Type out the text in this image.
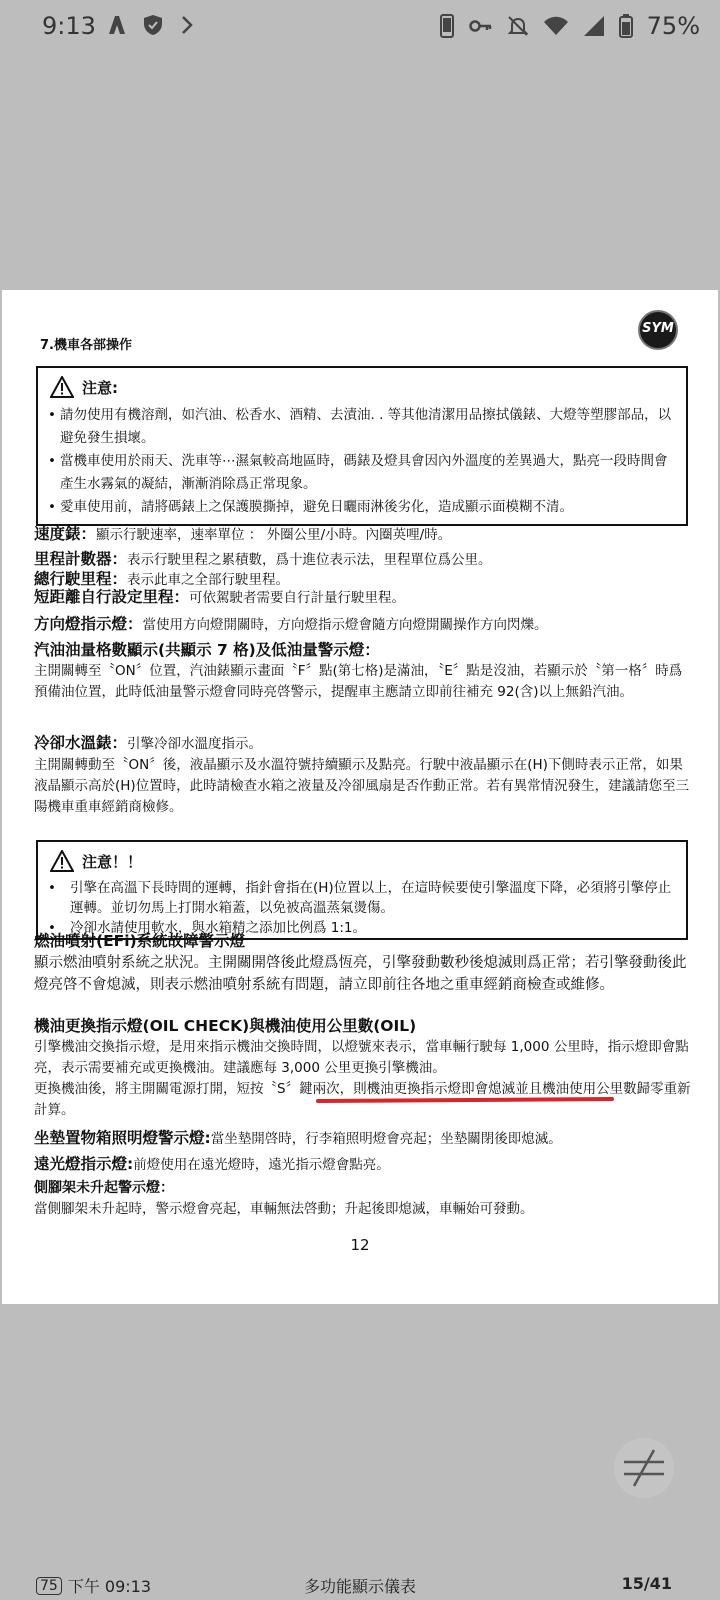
9:13	75%
7.機車各部操作
SYM
注意:

• 請勿使用有機溶劑，如汽油、松香水、酒精、去漬油. . 等其他清潔用品擦拭儀錶、大燈等塑膠部品，以避免發生損壞。

• 當機車使用於雨天、洗車等⋯濕氣較高地區時，碼錶及燈具會因內外溫度的差異過大，點亮一段時間會產生水霧氣的凝結，漸漸消除爲正常現象。

• 愛車使用前，請將碼錶上之保護膜撕掉，避免日曬雨淋後劣化，造成顯示面模糊不清。

速度錶：顯示行駛速率，速率單位 ： 外圈公里/小時。內圈英哩/時。
里程計數器：表示行駛里程之累積數，爲十進位表示法，里程單位爲公里。
總行駛里程：表示此車之全部行駛里程。
短距離自行設定里程：可依駕駛者需要自行計量行駛里程。
方向燈指示燈：當使用方向燈開關時，方向燈指示燈會隨方向燈開關操作方向閃爍。
汽油油量格數顯示(共顯示 7 格)及低油量警示燈：
主開關轉至〝ON〞位置，汽油錶顯示畫面〝F〞點(第七格)是滿油，〝E〞點是沒油，若顯示於〝第一格〞時爲預備油位置，此時低油量警示燈會同時亮啓警示，提醒車主應請立即前往補充 92(含)以上無鉛汽油。
冷卻水溫錶：引擎冷卻水溫度指示。
主開關轉動至〝ON〞後，液晶顯示及水溫符號持續顯示及點亮。行駛中液晶顯示在(H)下側時表示正常，如果液晶顯示高於(H)位置時，此時請檢查水箱之液量及冷卻風扇是否作動正常。若有異常情況發生，建議請您至三陽機車重車經銷商檢修。
注意！！

• 引擎在高溫下長時間的運轉，指針會指在(H)位置以上，在這時候要使引擎溫度下降，必須將引擎停止運轉。並切勿馬上打開水箱蓋，以免被高溫蒸氣燙傷。

• 冷卻水請使用軟水，與水箱精之添加比例爲 1:1。

燃油噴射(EFi)系統故障警示燈
顯示燃油噴射系統之狀況。主開關開啓後此燈爲恆亮，引擎發動數秒後熄滅則爲正常；若引擎發動後此燈亮啓不會熄滅，則表示燃油噴射系統有問題，請立即前往各地之重車經銷商檢查或維修。
機油更換指示燈(OIL CHECK)與機油使用公里數(OIL)
引擎機油交換指示燈，是用來指示機油交換時間，以燈號來表示，當車輛行駛每 1,000 公里時，指示燈即會點亮，表示需要補充或更換機油。建議應每 3,000 公里更換引擎機油。
更換機油後，將主開關電源打開，短按〝S〞鍵兩次，則機油更換指示燈即會熄滅並且機油使用公里數歸零重新計算。
坐墊置物箱照明燈警示燈:當坐墊開啓時，行李箱照明燈會亮起；坐墊關閉後即熄滅。
遠光燈指示燈:前燈使用在遠光燈時，遠光指示燈會點亮。
側腳架未升起警示燈：
當側腳架未升起時，警示燈會亮起，車輛無法啓動；升起後即熄滅，車輛始可發動。
12
75 下午 09:13	多功能顯示儀表	15/41
